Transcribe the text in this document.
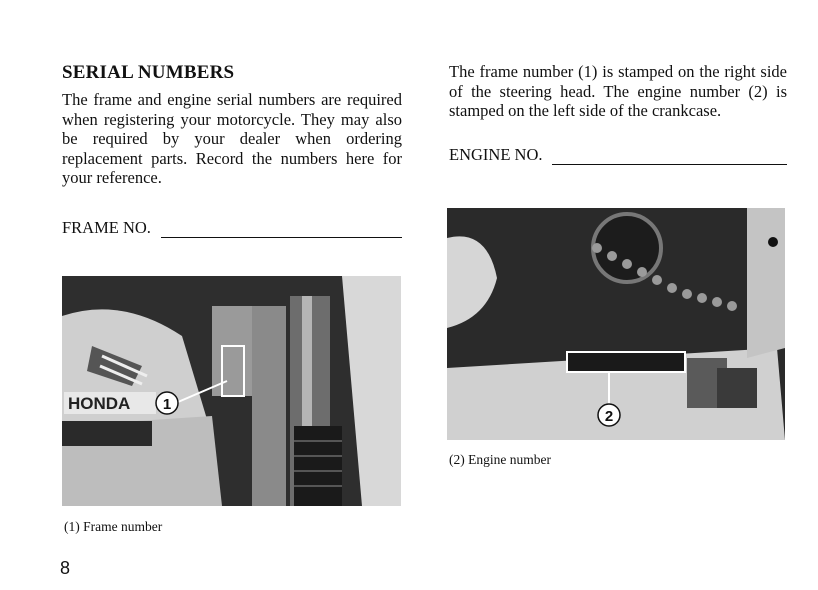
SERIAL NUMBERS

The frame and engine serial numbers are required when registering your motorcycle. They may also be required by your dealer when ordering replacement parts. Record the numbers here for your reference.

FRAME NO.
HONDA 1
(1) Frame number

The frame number (1) is stamped on the right side of the steering head. The engine number (2) is stamped on the left side of the crankcase.

ENGINE NO.
2
(2) Engine number
8
